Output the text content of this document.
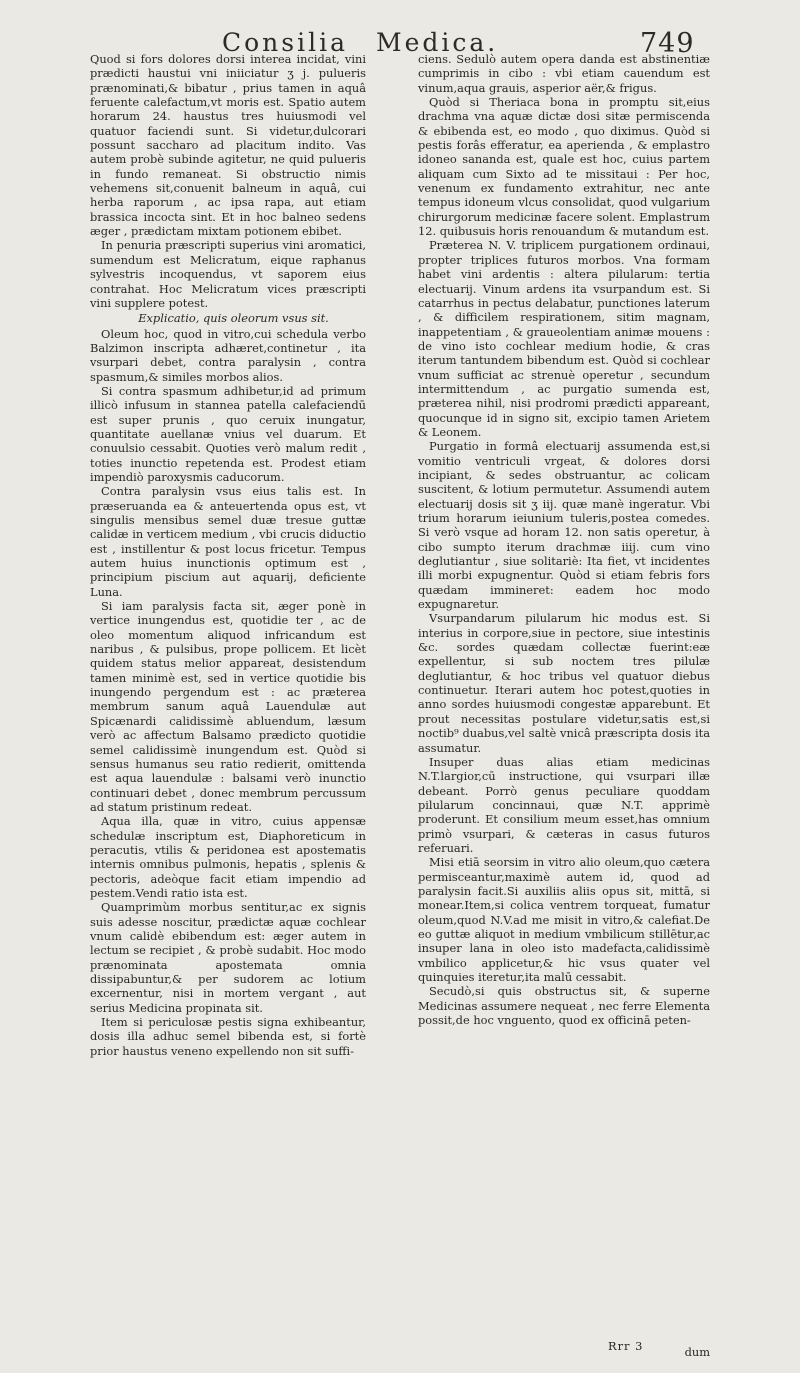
Consilia Medica.	749

Quod si fors dolores dorsi interea incidat, vini prædicti haustui vni iniiciatur ʒ j. pulueris prænominati,& bibatur , prius tamen in aquâ feruente calefactum,vt moris est. Spatio autem horarum 24. haustus tres huiusmodi vel quatuor faciendi sunt. Si videtur,dulcorari possunt saccharo ad placitum indito. Vas autem probè subinde agitetur, ne quid pulueris in fundo remaneat. Si obstructio nimis vehemens sit,conuenit balneum in aquâ, cui herba raporum , ac ipsa rapa, aut etiam brassica incocta sint. Et in hoc balneo sedens æger , prædictam mixtam potionem ebibet.

In penuria præscripti superius vini aromatici, sumendum est Melicratum, eique raphanus sylvestris incoquendus, vt saporem eius contrahat. Hoc Melicratum vices præscripti vini supplere potest.

Explicatio, quis oleorum vsus sit.

Oleum hoc, quod in vitro,cui schedula verbo Balzimon inscripta adhæret,continetur , ita vsurpari debet, contra paralysin , contra spasmum,& similes morbos alios.

Si contra spasmum adhibetur,id ad primum illicò infusum in stannea patella calefaciendū est super prunis , quo ceruix inungatur, quantitate auellanæ vnius vel duarum. Et conuulsio cessabit. Quoties verò malum redit , toties inunctio repetenda est. Prodest etiam impendiò paroxysmis caducorum.

Contra paralysin vsus eius talis est. In præseruanda ea & anteuertenda opus est, vt singulis mensibus semel duæ tresue guttæ calidæ in verticem medium , vbi crucis diductio est , instillentur & post locus fricetur. Tempus autem huius inunctionis optimum est , principium piscium aut aquarij, deficiente Luna.

Si iam paralysis facta sit, æger ponè in vertice inungendus est, quotidie ter , ac de oleo momentum aliquod infricandum est naribus , & pulsibus, prope pollicem. Et licèt quidem status melior appareat, desistendum tamen minimè est, sed in vertice quotidie bis inungendo pergendum est : ac præterea membrum sanum aquâ Lauendulæ aut Spicænardi calidissimè abluendum, læsum verò ac affectum Balsamo prædicto quotidie semel calidissimè inungendum est. Quòd si sensus humanus seu ratio redierit, omittenda est aqua lauendulæ : balsami verò inunctio continuari debet , donec membrum percussum ad statum pristinum redeat.

Aqua illa, quæ in vitro, cuius appensæ schedulæ inscriptum est, Diaphoreticum in peracutis, vtilis & peridonea est apostematis internis omnibus pulmonis, hepatis , splenis & pectoris, adeòque facit etiam impendio ad pestem.Vendi ratio ista est.

Quamprimùm morbus sentitur,ac ex signis suis adesse noscitur, prædictæ aquæ cochlear vnum calidè ebibendum est: æger autem in lectum se recipiet , & probè sudabit. Hoc modo prænominata apostemata omnia dissipabuntur,& per sudorem ac lotium excernentur, nisi in mortem vergant , aut serius Medicina propinata sit.

Item si periculosæ pestis signa exhibeantur, dosis illa adhuc semel bibenda est, si fortè prior haustus veneno expellendo non sit suffi-

ciens. Sedulò autem opera danda est abstinentiæ cumprimis in cibo : vbi etiam cauendum est vinum,aqua grauis, asperior aër,& frigus.

Quòd si Theriaca bona in promptu sit,eius drachma vna aquæ dictæ dosi sitæ permiscenda & ebibenda est, eo modo , quo diximus. Quòd si pestis forâs efferatur, ea aperienda , & emplastro idoneo sananda est, quale est hoc, cuius partem aliquam cum Sixto ad te missitaui : Per hoc, venenum ex fundamento extrahitur, nec ante tempus idoneum vlcus consolidat, quod vulgarium chirurgorum medicinæ facere solent. Emplastrum 12. quibusuis horis renouandum & mutandum est.

Præterea N. V. triplicem purgationem ordinaui, propter triplices futuros morbos. Vna formam habet vini ardentis : altera pilularum: tertia electuarij. Vinum ardens ita vsurpandum est. Si catarrhus in pectus delabatur, punctiones laterum , & difficilem respirationem, sitim magnam, inappetentiam , & graueolentiam animæ mouens : de vino isto cochlear medium hodie, & cras iterum tantundem bibendum est. Quòd si cochlear vnum sufficiat ac strenuè operetur , secundum intermittendum , ac purgatio sumenda est, præterea nihil, nisi prodromi prædicti appareant, quocunque id in signo sit, excipio tamen Arietem & Leonem.

Purgatio in formâ electuarij assumenda est,si vomitio ventriculi vrgeat, & dolores dorsi incipiant, & sedes obstruantur, ac colicam suscitent, & lotium permutetur. Assumendi autem electuarij dosis sit ʒ iij. quæ manè ingeratur. Vbi trium horarum ieiunium tuleris,postea comedes. Si verò vsque ad horam 12. non satis operetur, à cibo sumpto iterum drachmæ iiij. cum vino deglutiantur , siue solitariè: Ita fiet, vt incidentes illi morbi expugnentur. Quòd si etiam febris fors quædam immineret: eadem hoc modo expugnaretur.

Vsurpandarum pilularum hic modus est. Si interius in corpore,siue in pectore, siue intestinis &c. sordes quædam collectæ fuerint:eæ expellentur, si sub noctem tres pilulæ deglutiantur, & hoc tribus vel quatuor diebus continuetur. Iterari autem hoc potest,quoties in anno sordes huiusmodi congestæ apparebunt. Et prout necessitas postulare videtur,satis est,si noctib⁹ duabus,vel saltè vnicâ præscripta dosis ita assumatur.

Insuper duas alias etiam medicinas N.T.largior,cū instructione, qui vsurpari illæ debeant. Porrò genus peculiare quoddam pilularum concinnaui, quæ N.T. apprimè proderunt. Et consilium meum esset,has omnium primò vsurpari, & cæteras in casus futuros referuari.

Misi etiā seorsim in vitro alio oleum,quo cætera permisceantur,maximè autem id, quod ad paralysin facit.Si auxiliis aliis opus sit, mittā, si monear.Item,si colica ventrem torqueat, fumatur oleum,quod N.V.ad me misit in vitro,& calefiat.De eo guttæ aliquot in medium vmbilicum stillētur,ac insuper lana in oleo isto madefacta,calidissimè vmbilico applicetur,& hic vsus quater vel quinquies iteretur,ita malū cessabit.

Secudò,si quis obstructus sit, & superne Medicinas assumere nequeat , nec ferre Elementa possit,de hoc vnguento, quod ex officinā peten-

Rrr 3	dum
